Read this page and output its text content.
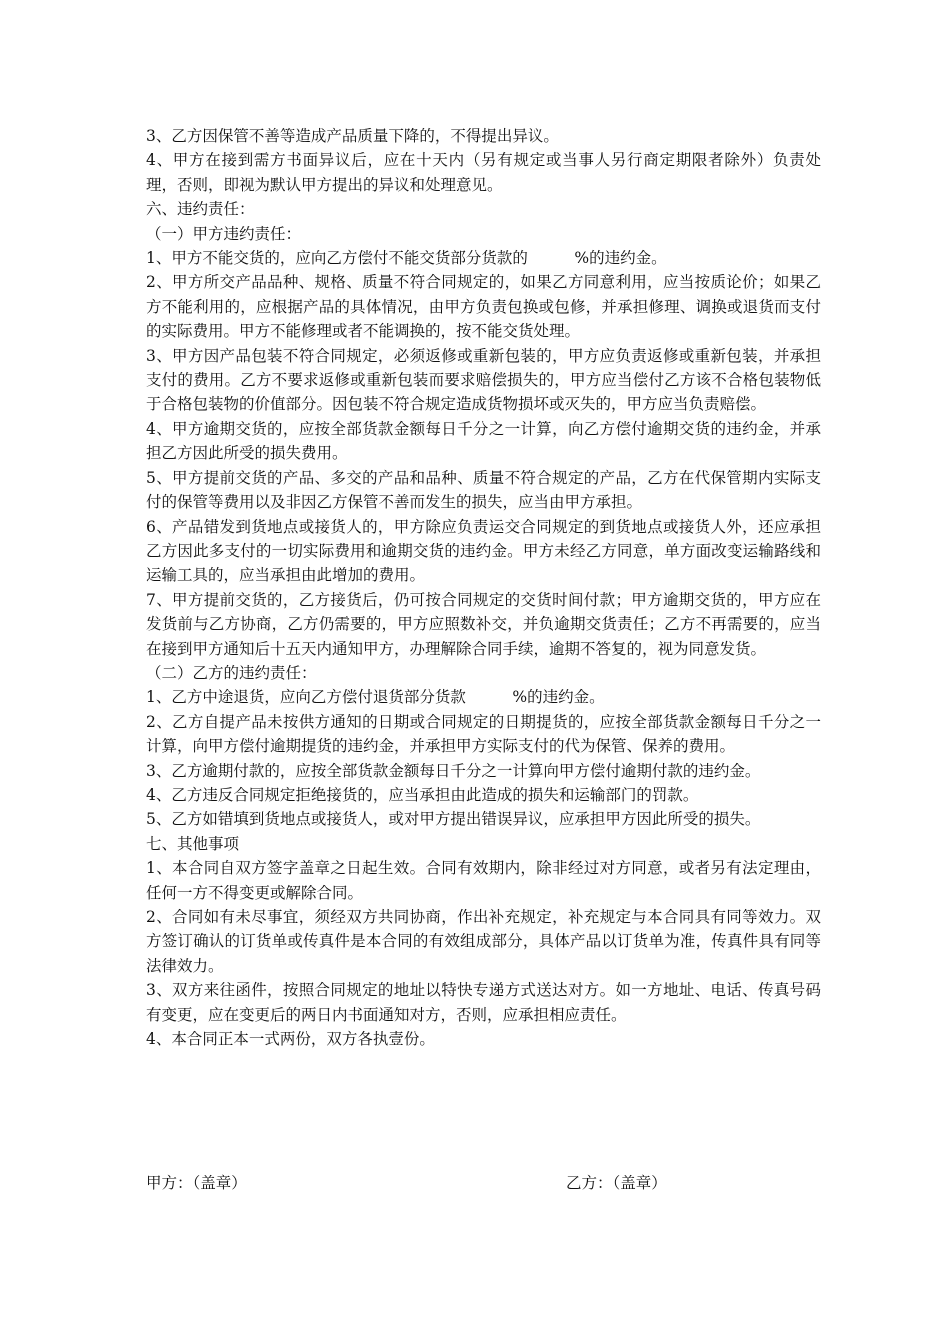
3、乙方因保管不善等造成产品质量下降的，不得提出异议。

4、甲方在接到需方书面异议后，应在十天内（另有规定或当事人另行商定期限者除外）负责处理，否则，即视为默认甲方提出的异议和处理意见。

六、违约责任：

（一）甲方违约责任：

1、甲方不能交货的，应向乙方偿付不能交货部分货款的　　　%的违约金。

2、甲方所交产品品种、规格、质量不符合同规定的，如果乙方同意利用，应当按质论价；如果乙方不能利用的，应根据产品的具体情况，由甲方负责包换或包修，并承担修理、调换或退货而支付的实际费用。甲方不能修理或者不能调换的，按不能交货处理。

3、甲方因产品包装不符合同规定，必须返修或重新包装的，甲方应负责返修或重新包装，并承担支付的费用。乙方不要求返修或重新包装而要求赔偿损失的，甲方应当偿付乙方该不合格包装物低于合格包装物的价值部分。因包装不符合规定造成货物损坏或灭失的，甲方应当负责赔偿。

4、甲方逾期交货的，应按全部货款金额每日千分之一计算，向乙方偿付逾期交货的违约金，并承担乙方因此所受的损失费用。

5、甲方提前交货的产品、多交的产品和品种、质量不符合规定的产品，乙方在代保管期内实际支付的保管等费用以及非因乙方保管不善而发生的损失，应当由甲方承担。

6、产品错发到货地点或接货人的，甲方除应负责运交合同规定的到货地点或接货人外，还应承担乙方因此多支付的一切实际费用和逾期交货的违约金。甲方未经乙方同意，单方面改变运输路线和运输工具的，应当承担由此增加的费用。

7、甲方提前交货的，乙方接货后，仍可按合同规定的交货时间付款；甲方逾期交货的，甲方应在发货前与乙方协商，乙方仍需要的，甲方应照数补交，并负逾期交货责任；乙方不再需要的，应当在接到甲方通知后十五天内通知甲方，办理解除合同手续，逾期不答复的，视为同意发货。

（二）乙方的违约责任：

1、乙方中途退货，应向乙方偿付退货部分货款　　　%的违约金。

2、乙方自提产品未按供方通知的日期或合同规定的日期提货的，应按全部货款金额每日千分之一计算，向甲方偿付逾期提货的违约金，并承担甲方实际支付的代为保管、保养的费用。

3、乙方逾期付款的，应按全部货款金额每日千分之一计算向甲方偿付逾期付款的违约金。

4、乙方违反合同规定拒绝接货的，应当承担由此造成的损失和运输部门的罚款。

5、乙方如错填到货地点或接货人，或对甲方提出错误异议，应承担甲方因此所受的损失。

七、其他事项

1、本合同自双方签字盖章之日起生效。合同有效期内，除非经过对方同意，或者另有法定理由，任何一方不得变更或解除合同。

2、合同如有未尽事宜，须经双方共同协商，作出补充规定，补充规定与本合同具有同等效力。双方签订确认的订货单或传真件是本合同的有效组成部分，具体产品以订货单为准，传真件具有同等法律效力。

3、双方来往函件，按照合同规定的地址以特快专递方式送达对方。如一方地址、电话、传真号码有变更，应在变更后的两日内书面通知对方，否则，应承担相应责任。

4、本合同正本一式两份，双方各执壹份。

甲方：（盖章）	乙方：（盖章）
